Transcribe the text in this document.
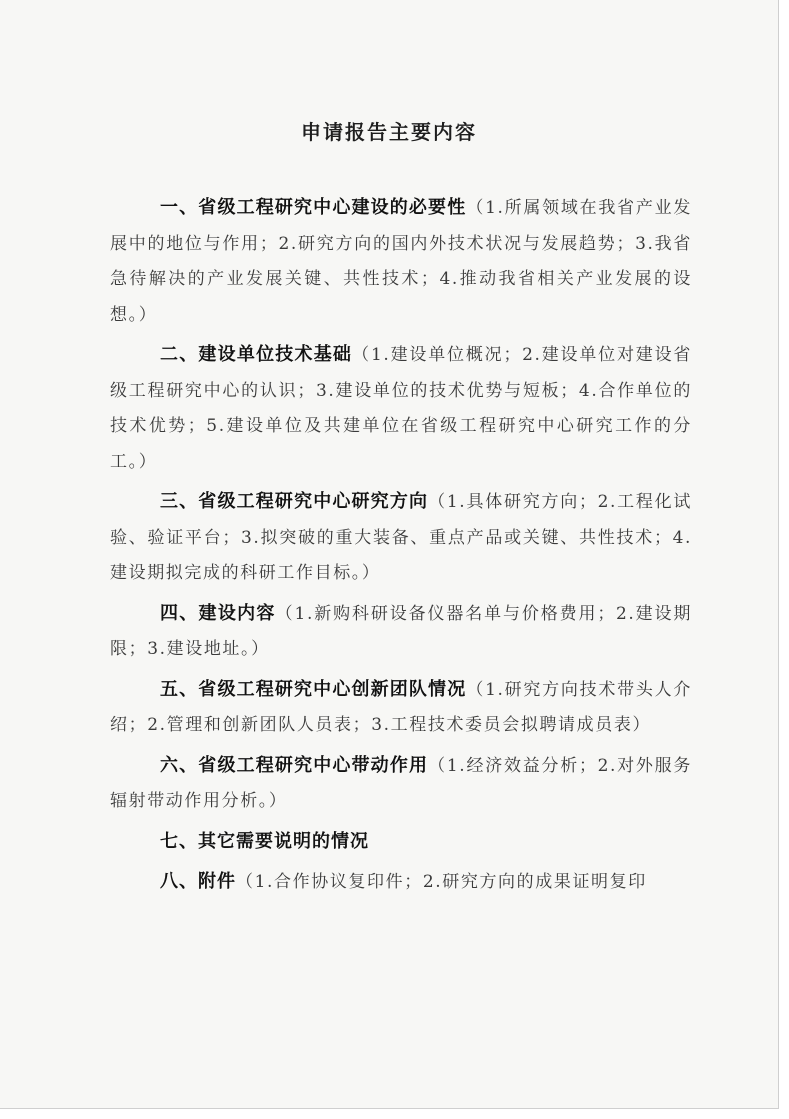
申请报告主要内容

一、省级工程研究中心建设的必要性（1.所属领域在我省产业发展中的地位与作用；2.研究方向的国内外技术状况与发展趋势；3.我省急待解决的产业发展关键、共性技术；4.推动我省相关产业发展的设想。）

二、建设单位技术基础（1.建设单位概况；2.建设单位对建设省级工程研究中心的认识；3.建设单位的技术优势与短板；4.合作单位的技术优势；5.建设单位及共建单位在省级工程研究中心研究工作的分工。）

三、省级工程研究中心研究方向（1.具体研究方向；2.工程化试验、验证平台；3.拟突破的重大装备、重点产品或关键、共性技术；4.建设期拟完成的科研工作目标。）

四、建设内容（1.新购科研设备仪器名单与价格费用；2.建设期限；3.建设地址。）

五、省级工程研究中心创新团队情况（1.研究方向技术带头人介绍；2.管理和创新团队人员表；3.工程技术委员会拟聘请成员表）

六、省级工程研究中心带动作用（1.经济效益分析；2.对外服务辐射带动作用分析。）

七、其它需要说明的情况

八、附件（1.合作协议复印件；2.研究方向的成果证明复印
